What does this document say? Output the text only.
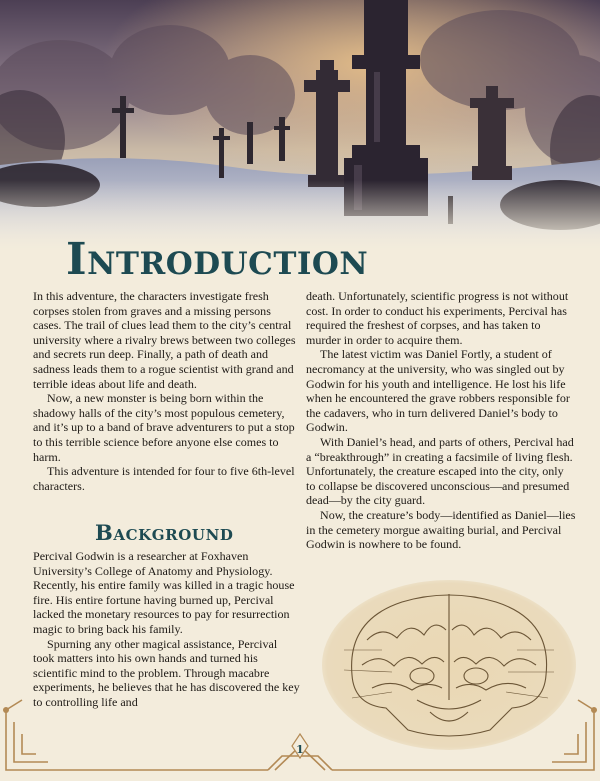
Introduction

In this adventure, the characters investigate fresh corpses stolen from graves and a missing persons cases. The trail of clues lead them to the city’s central university where a rivalry brews between two colleges and secrets run deep. Finally, a path of death and sadness leads them to a rogue scientist with grand and terrible ideas about life and death.

Now, a new monster is being born within the shadowy halls of the city’s most populous cemetery, and it’s up to a band of brave adventurers to put a stop to this terrible science before anyone else comes to harm.

This adventure is intended for four to five 6th-level characters.

Background

Percival Godwin is a researcher at Foxhaven University’s College of Anatomy and Physiology. Recently, his entire family was killed in a tragic house fire. His entire fortune having burned up, Percival lacked the monetary resources to pay for resurrection magic to bring back his family.

Spurning any other magical assistance, Percival took matters into his own hands and turned his scientific mind to the problem. Through macabre experiments, he believes that he has discovered the key to controlling life and

death. Unfortunately, scientific progress is not without cost. In order to conduct his experiments, Percival has required the freshest of corpses, and has taken to murder in order to acquire them.

The latest victim was Daniel Fortly, a student of necromancy at the university, who was singled out by Godwin for his youth and intelligence. He lost his life when he encountered the grave robbers responsible for the cadavers, who in turn delivered Daniel’s body to Godwin.

With Daniel’s head, and parts of others, Percival had a “breakthrough” in creating a facsimile of living flesh. Unfortunately, the creature escaped into the city, only to collapse be discovered unconscious—and presumed dead—by the city guard.

Now, the creature’s body—identified as Daniel—lies in the cemetery morgue awaiting burial, and Percival Godwin is nowhere to be found.

1
